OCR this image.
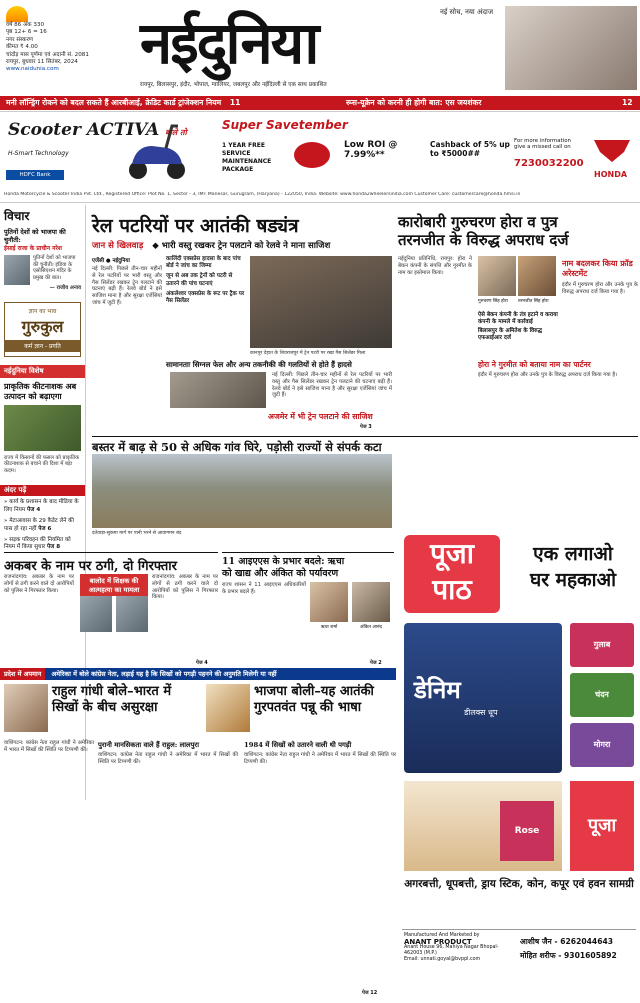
वर्ष 86 अंक 330
पृष्ठ 12+ 6 = 16
नगर संस्करण
कीमत ₹ 4.00
चांदोड़ मास पूर्णमा एवं अदानी सं. 2081
रायपुर, बुधवार 11 सितंबर, 2024
www.naidunia.com	नईदुनिया	नई सोच, नया अंदाज
रायपुर, बिलासपुर, इंदौर, भोपाल, ग्वालियर, जबलपुर और नईदिल्ली से एक साथ प्रकाशित
मनी लॉन्ड्रिंग रोकने को बदल सकते हैं आरबीआई, क्रेडिट कार्ड ट्रांजेक्शन नियम 11	रूस-यूक्रेन को करनी ही होगी बात: एस जयशंकर	12
Scooter ACTIVA बोले तो
H-Smart Technology
HDFC Bank
Super Savetember
1 YEAR FREE SERVICE MAINTENANCE PACKAGE
Low ROI @ 7.99%**
Cashback of 5% up to ₹5000##
For more information give a missed call on
7230032200
HONDA
Honda Motorcycle & Scooter India Pvt. Ltd., Registered Office: Plot No. 1, Sector - 3, IMT Manesar, Gurugram, (Haryana) - 122050, India. Website: www.honda2wheelersindia.com Customer Care: customercare@honda.hmsi.in
विचार
पुतिनों देशों को भाजपा की चुनौती:
ईसाई राजा के प्राचीन नरेश
पुतिनों देशों को भाजपा की चुनौती। इंडिया के एसोसिएशन मंदिर के प्रमुख की बात।
— राजीव अनाव
ज्ञान का भाव
गुरुकुल
कर्म ज्ञान - प्रगति
नईदुनिया विशेष
प्राकृतिक कीटनाशक अब उत्पादन को बढ़ाएगा
राज्य में किसानों की फसल को प्राकृतिक कीटनाशक से बचाने की दिशा में बड़ा कदम।
अंदर पढ़ें
» कार्य के प्रशासन के बाद मीडिया के लिए नियम पेज 4
» मेटाआवास के 29 कैडेट लेने की पास हो रहा नहीं पेज 6
» सड़क परिवहन की नियमित को नियम में किया सुधार पेज 8
रेल पटरियों पर आतंकी षड्यंत्र
जान से खिलवाड़ ◆ भारी वस्तु रखकर ट्रेन पलटाने को रेलवे ने माना साजिश
एजेंसी ● नईदुनिया
नई दिल्ली: पिछले तीन-चार महीनों से रेल पटरियों पर भारी वस्तु और गैस सिलेंडर रखकर ट्रेन पलटाने की घटनाएं बढ़ी हैं। रेलवे बोर्ड ने इसे साजिश माना है और सुरक्षा एजेंसियां जांच में जुटी हैं।
कालिंदी एक्सप्रेस हादसा के बाद पांच बोर्ड ने जांच का जिम्मा
जून से अब तक ट्रेनों को पटरी से उतारने की पांच घटनाएं
अंकलेश्वर एक्सप्रेस के रूट पर ट्रैक पर गैस सिलेंडर
कानपुर देहात के शिवराजपुर में ट्रेन पटरी पर रखा गैस सिलेंडर मिला
सामानताः सिग्नल फेल और अन्य तकनीकी की गलतियों से होते हैं हादसे
नई दिल्ली: पिछले तीन-चार महीनों से रेल पटरियों पर भारी वस्तु और गैस सिलेंडर रखकर ट्रेन पलटाने की घटनाएं बढ़ी हैं। रेलवे बोर्ड ने इसे साजिश माना है और सुरक्षा एजेंसियां जांच में जुटी हैं।
अजमेर में भी ट्रेन पलटाने की साजिश
पेज 3
कारोबारी गुरुचरण होरा व पुत्र
तरनजीत के विरुद्ध अपराध दर्ज
नईदुनिया प्रतिनिधि, रायपुर: होरा ने बेकन कंपनी के संपत्ति और गुरमीत के नाम का इस्तेमाल किया।
गुरुचरण सिंह होरा	तरनजीत सिंह होरा
नाम बदलकर किया फ्रॉड अरेस्टमेंट
इंदौर में गुरुचरण होरा और उनके पुत्र के विरुद्ध अपराध दर्ज किया गया है।
ऐसे बेकन कंपनी के तंत्र हटाने व कराया कंपनी के मामले में कार्रवाई
बिलासपुर के अमितेश के विरुद्ध एफआईआर दर्ज
होरा ने गुरमीत को बताया नाम का पार्टनर
इंदौर में गुरुचरण होरा और उनके पुत्र के विरुद्ध अपराध दर्ज किया गया है।
बस्तर में बाढ़ से 50 से अधिक गांव घिरे, पड़ोसी राज्यों से संपर्क कटा
दंतेवाड़ा-सुकमा मार्ग पर पानी भरने से आवागमन बंद
अकबर के नाम पर ठगी, दो गिरफ्तार
राजनांदगांव: अकबर के नाम पर लोगों से ठगी करने वाले दो आरोपियों को पुलिस ने गिरफ्तार किया।
बालोद में शिक्षक की आत्महत्या का मामला
राजनांदगांव: अकबर के नाम पर लोगों से ठगी करने वाले दो आरोपियों को पुलिस ने गिरफ्तार किया।
पेज 4
11 आइएएस के प्रभार बदले: ऋचा
को खाद्य और अंकित को पर्यावरण
राज्य शासन ने 11 आइएएस अधिकारियों के प्रभार बदले हैं।
ऋचा शर्मा	अंकित आनंद
पेज 2
प्रदेश में अपमान अमेरिका में बोले कांग्रेस नेता, लड़ाई यह है कि सिखों को पगड़ी पहनने की अनुमति मिलेगी या नहीं
राहुल गांधी बोले–भारत में
सिखों के बीच असुरक्षा
भाजपा बोली–यह आतंकी
गुरपतवंत पन्नू की भाषा
वाशिंगटन: कांग्रेस नेता राहुल गांधी ने अमेरिका में भारत में सिखों की स्थिति पर टिप्पणी की।
पुरानी मानसिकता वाले हैं राहुल: लालपुरा
वाशिंगटन: कांग्रेस नेता राहुल गांधी ने अमेरिका में भारत में सिखों की स्थिति पर टिप्पणी की।
1984 में सिखों को उतारने वाली थी पगड़ी
वाशिंगटन: कांग्रेस नेता राहुल गांधी ने अमेरिका में भारत में सिखों की स्थिति पर टिप्पणी की।
पेज 12
पूजा
पाठ
एक लगाओ
घर महकाओ
डेनिम
डीलक्स धूप
गुलाब
चंदन
मोगरा
Rose	पूजा
अगरबत्ती, धूपबत्ती, ड्राय स्टिक, कोन, कपूर एवं हवन सामग्री
Manufactured And Marketed by
ANANT PRODUCT
Anant House 96, Mahiya Nagar Bhopal-462003 (M.P.)
Email: unnati.goyal@bvppl.com
आशीष जैन - 6262044643
मोहित शरीफ - 9301605892
